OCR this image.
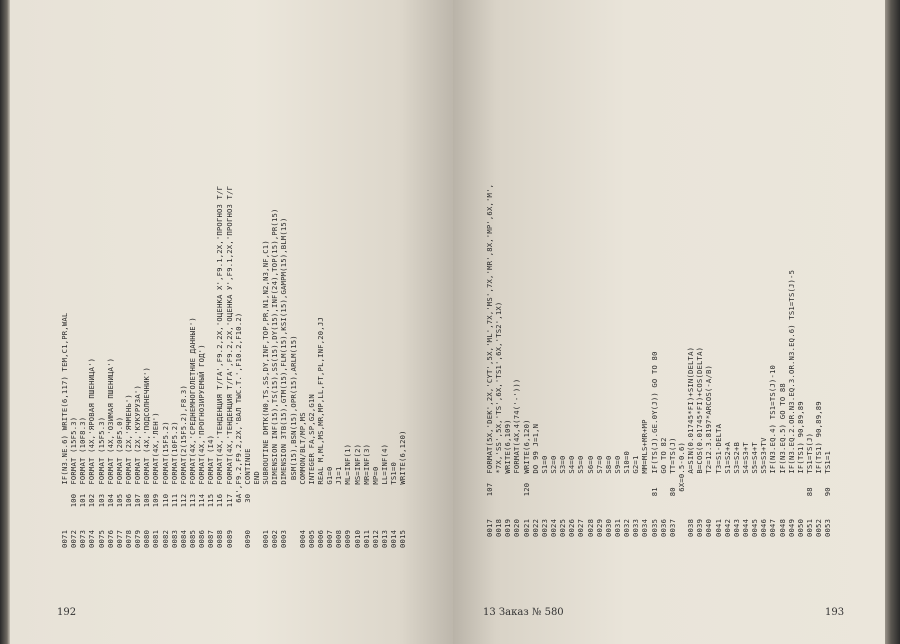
0071          IF(N3.NE.6) WRITE(6,117) TEM,C1,PR,WAL 0072     100  FORMAT (15F5.3) 0073     101  FORMAT (10F8.3) 0074     102  FORMAT (4X,'ЯРОВАЯ ПШЕНИЦА') 0075     103  FORMAT (15F5.3) 0076     104  FORMAT (4X,'ОЗИМАЯ ПШЕНИЦА') 0077     105  FORMAT (20F5.0) 0078     106  FORMAT (2X,'ЯЧМЕНЬ') 0079     107  FORMAT (2X,'КУКУРУЗА') 0080     108  FORMAT (4X,'ПОДСОЛНЕЧНИК') 0081     109  FORMAT(4X,'ЛЕН') 0082     110  FORMAT(15F5.2) 0083     111  FORMAT(10F5.2) 0084     112  FORMAT(2(15F5.2),F8.3) 0085     113  FORMAT(4X,'СРЕДНЕМНОГОЛЕТНИЕ ДАННЫЕ') 0086     114  FORMAT(4X,'ПРОГНОЗИРУЕМЫЙ ГОД') 0087     115  FORMAT (I4) 0088     116  FORMAT(4X,'ТЕНДЕНЦИЯ Т/ГА',F9.2,2X,'ОЦЕНКА Х',F9.1,2X,'ПРОГНОЗ Т/Г 0089     117  FORMAT(4X,'ТЕНДЕНЦИЯ Т/ГА',F9.2,2X,'ОЦЕНКА У',F9.1,2X,'ПРОГНОЗ Т/Г 6А',F9.2,F9.2,2X,'ВАЛ ТЫС.Т.',F10.2,F10.2) 0090      30  CONTINUE END 0001          SUBROUTINE DMTK(N0,TS,SS,DY,INF,TOP,PR,N1,N2,N3,NF,C1) 0002          DIMENSION INF(15),TS(15),SS(15),DY(15),INF(24),TOP(15),PR(15) 0003          DIMENSION ЗTB(15),GTM(15),FLM(15),KSI(15),GAMPM(15),BLM(15) BSM(15),BSN(15),OPR(15),ARLM(15) 0004          COMMON/BLT/MP,MS 0005          INTEGER FA,SP,G2,G1N 0006          REAL M,ML,MS,MR,MP,LL,FT,PL,INF,20,JJ 0007          G1=0 0008          J1=1 0009          ML=INF(1) 0010          MS=INF(2) 0011          MR=INF(3) 0012          MP=0 0013          LL=INF(4) 0014          TS1=0 0015          WRITE(6,120)
192
0017     107  FORMAT(5X,'DEK',2X,'CYT',5X,'ML',7X,'MS',7X,'MR',8X,'MP',6X,'M', 0018          *7X,'SS',5X,'TS',6X,'TS1',6X,'TS2',1X) 0019          WRITE(6,109) 0020          FORMAT(4X,4(74('-'))) 0021     120  WRITE(6,120) 0022          DO 99 J=1,N 0023          S1=0 0024          S2=0 0025          S3=0 0026          S4=0 0027          S5=0 0028          S6=0 0029          S7=0 0030          S8=0 0031          S9=0 0032          S10=0 0033          G2=1 0034          MM=MLS+MR+MP 0035     81   IF(TS(J).GE.0Y(J)) GO TO 80 0036          GO TO 82 0037     80   TT=TS(J) 6X=0.5-0.6) 0038          A=SIN(0.01745*FI)+SIN(DELTA) 0039          B=COS(0.01745*FI)+COS(DELTA) 0040          T2=12.3.8197*ARCOS(-A/B) 0041          T3=S1-DELTA 0042          S1=S2+A 0043          S3=S2+B 0044          S4=S3+T 0045          S5=S4+T 0046          S5=S3+TV 0047          IF(N3.EQ.4) TS1=TS(J)-10 0048          IF(N3.EQ.5) GO TO 88 0049          IF(N3.EQ.2.OR.N3.EQ.3.OR.N3.EQ.6) TS1=TS(J)-5 0050          IF(TS1) 90,89,89 0051     88   TS1=TS(J) 0052          IF(TS1) 90,89,89 0053     90   TS1=1
13 Заказ № 580	193
